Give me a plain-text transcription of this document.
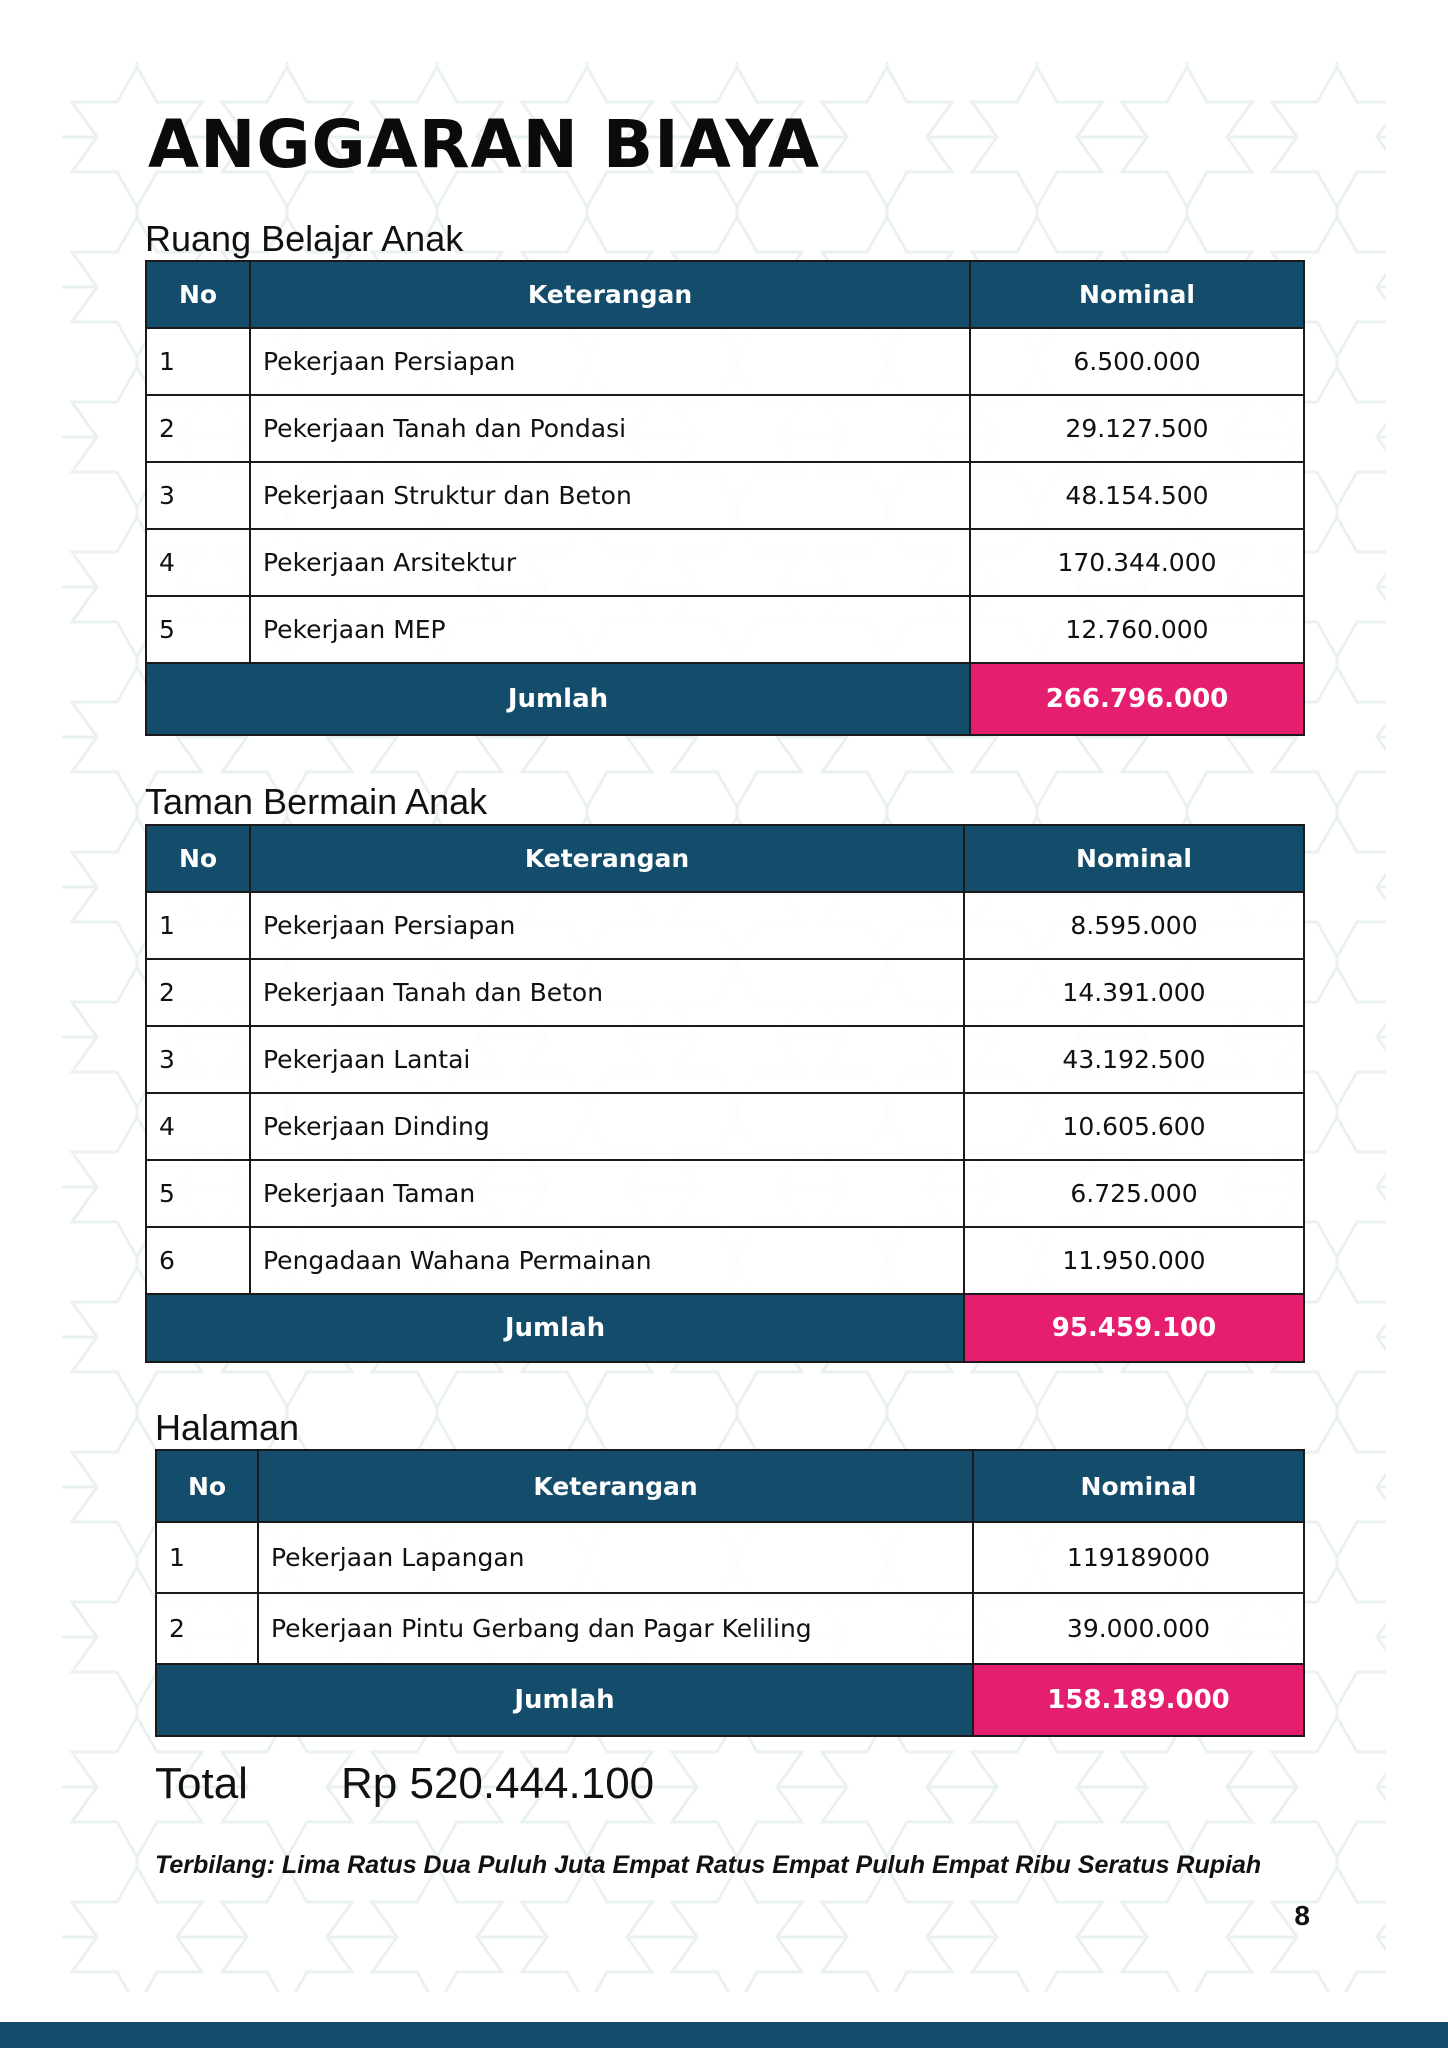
ANGGARAN BIAYA
Ruang Belajar Anak
No	Keterangan	Nominal
1	Pekerjaan Persiapan	6.500.000
2	Pekerjaan Tanah dan Pondasi	29.127.500
3	Pekerjaan Struktur dan Beton	48.154.500
4	Pekerjaan Arsitektur	170.344.000
5	Pekerjaan MEP	12.760.000
Jumlah		266.796.000
Taman Bermain Anak
No	Keterangan	Nominal
1	Pekerjaan Persiapan	8.595.000
2	Pekerjaan Tanah dan Beton	14.391.000
3	Pekerjaan Lantai	43.192.500
4	Pekerjaan Dinding	10.605.600
5	Pekerjaan Taman	6.725.000
6	Pengadaan Wahana Permainan	11.950.000
Jumlah		95.459.100
Halaman
No	Keterangan	Nominal
1	Pekerjaan Lapangan	119189000
2	Pekerjaan Pintu Gerbang dan Pagar Keliling	39.000.000
Jumlah		158.189.000
Total Rp 520.444.100
Terbilang: Lima Ratus Dua Puluh Juta Empat Ratus Empat Puluh Empat Ribu Seratus Rupiah
8
